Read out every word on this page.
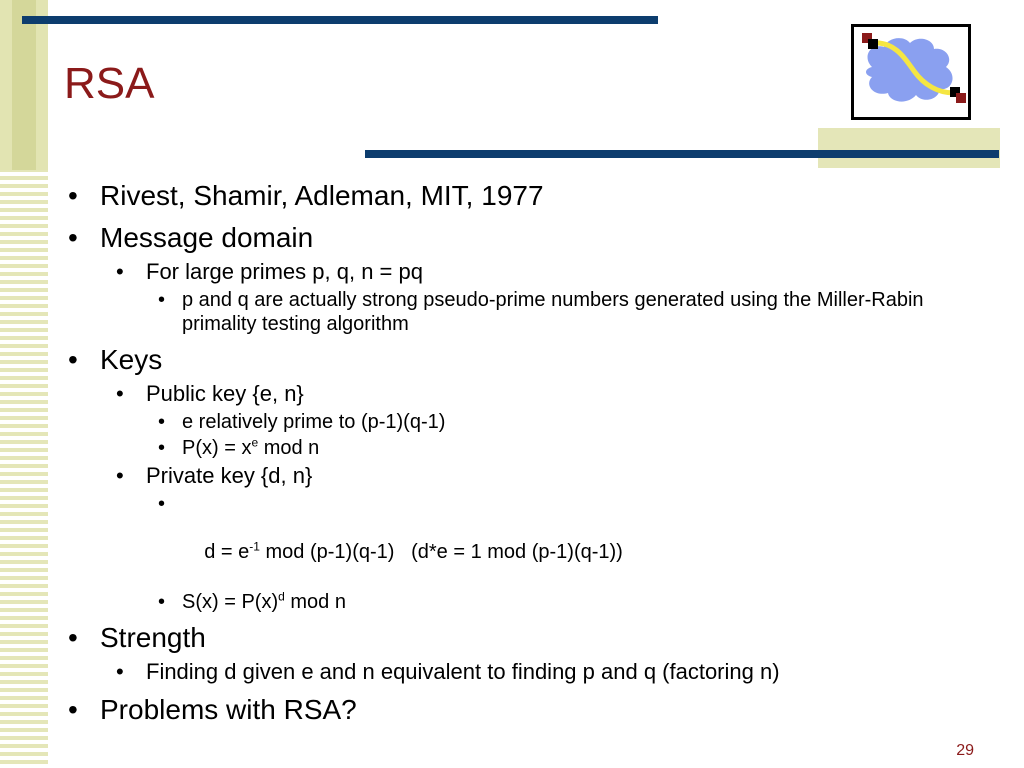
RSA
• Rivest, Shamir, Adleman, MIT, 1977
• Message domain
• For large primes p, q, n = pq
• p and q are actually strong pseudo-prime numbers generated using the Miller-Rabin primality testing algorithm
• Keys
• Public key {e, n}
• e relatively prime to (p-1)(q-1)
• $P(x) = x^e$ mod n
• Private key {d, n}

•

$d = e^{-1}$ mod (p-1)(q-1)   (d*e = 1 mod (p-1)(q-1))

• $S(x) = P(x)^d$ mod n
• Strength
• Finding d given e and n equivalent to finding p and q (factoring n)
• Problems with RSA?
29
